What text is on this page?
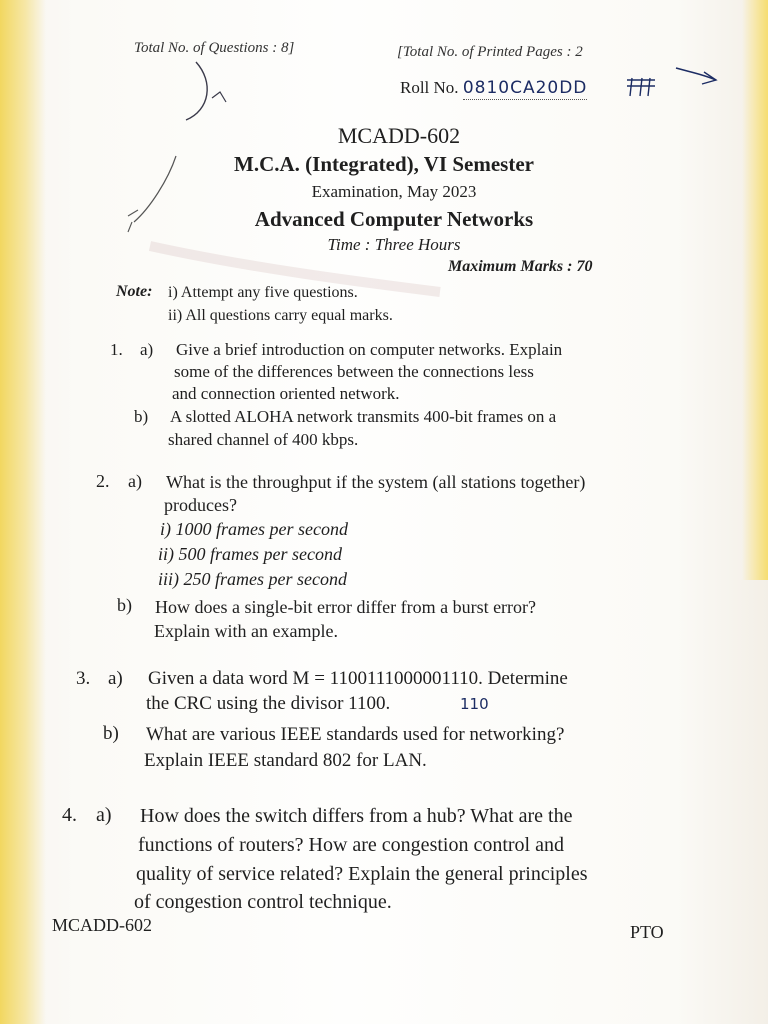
Total No. of Questions : 8]	[Total No. of Printed Pages : 2
Roll No. 0810CA20DD
MCADD-602
M.C.A. (Integrated), VI Semester
Examination, May 2023
Advanced Computer Networks
Time : Three Hours
Maximum Marks : 70
Note: i) Attempt any five questions.
ii) All questions carry equal marks.
1. a) Give a brief introduction on computer networks. Explain
some of the differences between the connections less
and connection oriented network.
b) A slotted ALOHA network transmits 400-bit frames on a
shared channel of 400 kbps.
2. a) What is the throughput if the system (all stations together)
produces?
i) 1000 frames per second
ii) 500 frames per second
iii) 250 frames per second
b) How does a single-bit error differ from a burst error?
Explain with an example.
3. a) Given a data word M = 1100111000001110. Determine
the CRC using the divisor 1100.	110
b) What are various IEEE standards used for networking?
Explain IEEE standard 802 for LAN.
4. a) How does the switch differs from a hub? What are the
functions of routers? How are congestion control and
quality of service related? Explain the general principles
of congestion control technique.
MCADD-602	PTO
